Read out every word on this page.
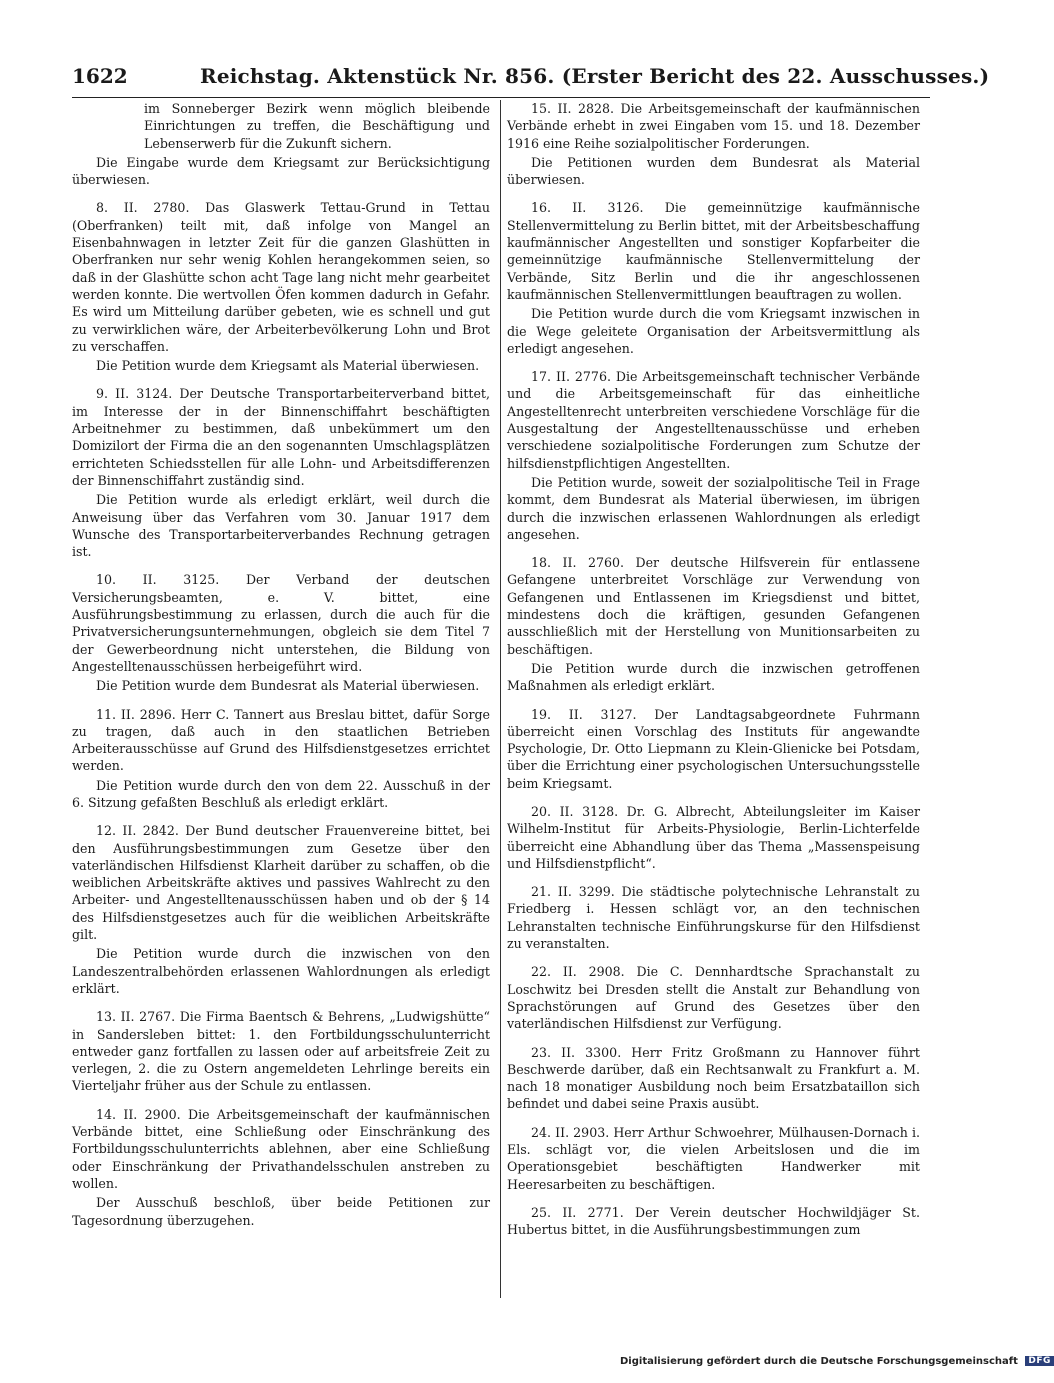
1622	Reichstag. Aktenstück Nr. 856. (Erster Bericht des 22. Ausschusses.)

im Sonneberger Bezirk wenn möglich bleibende Einrichtungen zu treffen, die Beschäftigung und Lebenserwerb für die Zukunft sichern.

Die Eingabe wurde dem Kriegsamt zur Berücksichtigung überwiesen.

8. II. 2780. Das Glaswerk Tettau-Grund in Tettau (Oberfranken) teilt mit, daß infolge von Mangel an Eisenbahnwagen in letzter Zeit für die ganzen Glashütten in Oberfranken nur sehr wenig Kohlen herangekommen seien, so daß in der Glashütte schon acht Tage lang nicht mehr gearbeitet werden konnte. Die wertvollen Öfen kommen dadurch in Gefahr. Es wird um Mitteilung darüber gebeten, wie es schnell und gut zu verwirklichen wäre, der Arbeiterbevölkerung Lohn und Brot zu verschaffen.

Die Petition wurde dem Kriegsamt als Material überwiesen.

9. II. 3124. Der Deutsche Transportarbeiterverband bittet, im Interesse der in der Binnenschiffahrt beschäftigten Arbeitnehmer zu bestimmen, daß unbekümmert um den Domizilort der Firma die an den sogenannten Umschlagsplätzen errichteten Schiedsstellen für alle Lohn- und Arbeitsdifferenzen der Binnenschiffahrt zuständig sind.

Die Petition wurde als erledigt erklärt, weil durch die Anweisung über das Verfahren vom 30. Januar 1917 dem Wunsche des Transportarbeiterverbandes Rechnung getragen ist.

10. II. 3125. Der Verband der deutschen Versicherungsbeamten, e. V. bittet, eine Ausführungsbestimmung zu erlassen, durch die auch für die Privatversicherungsunternehmungen, obgleich sie dem Titel 7 der Gewerbeordnung nicht unterstehen, die Bildung von Angestelltenausschüssen herbeigeführt wird.

Die Petition wurde dem Bundesrat als Material überwiesen.

11. II. 2896. Herr C. Tannert aus Breslau bittet, dafür Sorge zu tragen, daß auch in den staatlichen Betrieben Arbeiterausschüsse auf Grund des Hilfsdienstgesetzes errichtet werden.

Die Petition wurde durch den von dem 22. Ausschuß in der 6. Sitzung gefaßten Beschluß als erledigt erklärt.

12. II. 2842. Der Bund deutscher Frauenvereine bittet, bei den Ausführungsbestimmungen zum Gesetze über den vaterländischen Hilfsdienst Klarheit darüber zu schaffen, ob die weiblichen Arbeitskräfte aktives und passives Wahlrecht zu den Arbeiter- und Angestelltenausschüssen haben und ob der § 14 des Hilfsdienstgesetzes auch für die weiblichen Arbeitskräfte gilt.

Die Petition wurde durch die inzwischen von den Landeszentralbehörden erlassenen Wahlordnungen als erledigt erklärt.

13. II. 2767. Die Firma Baentsch & Behrens, „Ludwigshütte“ in Sandersleben bittet: 1. den Fortbildungsschulunterricht entweder ganz fortfallen zu lassen oder auf arbeitsfreie Zeit zu verlegen, 2. die zu Ostern angemeldeten Lehrlinge bereits ein Vierteljahr früher aus der Schule zu entlassen.

14. II. 2900. Die Arbeitsgemeinschaft der kaufmännischen Verbände bittet, eine Schließung oder Einschränkung des Fortbildungsschulunterrichts ablehnen, aber eine Schließung oder Einschränkung der Privathandelsschulen anstreben zu wollen.

Der Ausschuß beschloß, über beide Petitionen zur Tagesordnung überzugehen.

15. II. 2828. Die Arbeitsgemeinschaft der kaufmännischen Verbände erhebt in zwei Eingaben vom 15. und 18. Dezember 1916 eine Reihe sozialpolitischer Forderungen.

Die Petitionen wurden dem Bundesrat als Material überwiesen.

16. II. 3126. Die gemeinnützige kaufmännische Stellenvermittelung zu Berlin bittet, mit der Arbeitsbeschaffung kaufmännischer Angestellten und sonstiger Kopfarbeiter die gemeinnützige kaufmännische Stellenvermittelung der Verbände, Sitz Berlin und die ihr angeschlossenen kaufmännischen Stellenvermittlungen beauftragen zu wollen.

Die Petition wurde durch die vom Kriegsamt inzwischen in die Wege geleitete Organisation der Arbeitsvermittlung als erledigt angesehen.

17. II. 2776. Die Arbeitsgemeinschaft technischer Verbände und die Arbeitsgemeinschaft für das einheitliche Angestelltenrecht unterbreiten verschiedene Vorschläge für die Ausgestaltung der Angestelltenausschüsse und erheben verschiedene sozialpolitische Forderungen zum Schutze der hilfsdienstpflichtigen Angestellten.

Die Petition wurde, soweit der sozialpolitische Teil in Frage kommt, dem Bundesrat als Material überwiesen, im übrigen durch die inzwischen erlassenen Wahlordnungen als erledigt angesehen.

18. II. 2760. Der deutsche Hilfsverein für entlassene Gefangene unterbreitet Vorschläge zur Verwendung von Gefangenen und Entlassenen im Kriegsdienst und bittet, mindestens doch die kräftigen, gesunden Gefangenen ausschließlich mit der Herstellung von Munitionsarbeiten zu beschäftigen.

Die Petition wurde durch die inzwischen getroffenen Maßnahmen als erledigt erklärt.

19. II. 3127. Der Landtagsabgeordnete Fuhrmann überreicht einen Vorschlag des Instituts für angewandte Psychologie, Dr. Otto Liepmann zu Klein-Glienicke bei Potsdam, über die Errichtung einer psychologischen Untersuchungsstelle beim Kriegsamt.

20. II. 3128. Dr. G. Albrecht, Abteilungsleiter im Kaiser Wilhelm-Institut für Arbeits-Physiologie, Berlin-Lichterfelde überreicht eine Abhandlung über das Thema „Massenspeisung und Hilfsdienstpflicht“.

21. II. 3299. Die städtische polytechnische Lehranstalt zu Friedberg i. Hessen schlägt vor, an den technischen Lehranstalten technische Einführungskurse für den Hilfsdienst zu veranstalten.

22. II. 2908. Die C. Dennhardtsche Sprachanstalt zu Loschwitz bei Dresden stellt die Anstalt zur Behandlung von Sprachstörungen auf Grund des Gesetzes über den vaterländischen Hilfsdienst zur Verfügung.

23. II. 3300. Herr Fritz Großmann zu Hannover führt Beschwerde darüber, daß ein Rechtsanwalt zu Frankfurt a. M. nach 18 monatiger Ausbildung noch beim Ersatzbataillon sich befindet und dabei seine Praxis ausübt.

24. II. 2903. Herr Arthur Schwoehrer, Mülhausen-Dornach i. Els. schlägt vor, die vielen Arbeitslosen und die im Operationsgebiet beschäftigten Handwerker mit Heeresarbeiten zu beschäftigen.

25. II. 2771. Der Verein deutscher Hochwildjäger St. Hubertus bittet, in die Ausführungsbestimmungen zum

Digitalisierung gefördert durch die Deutsche Forschungsgemeinschaft DFG
